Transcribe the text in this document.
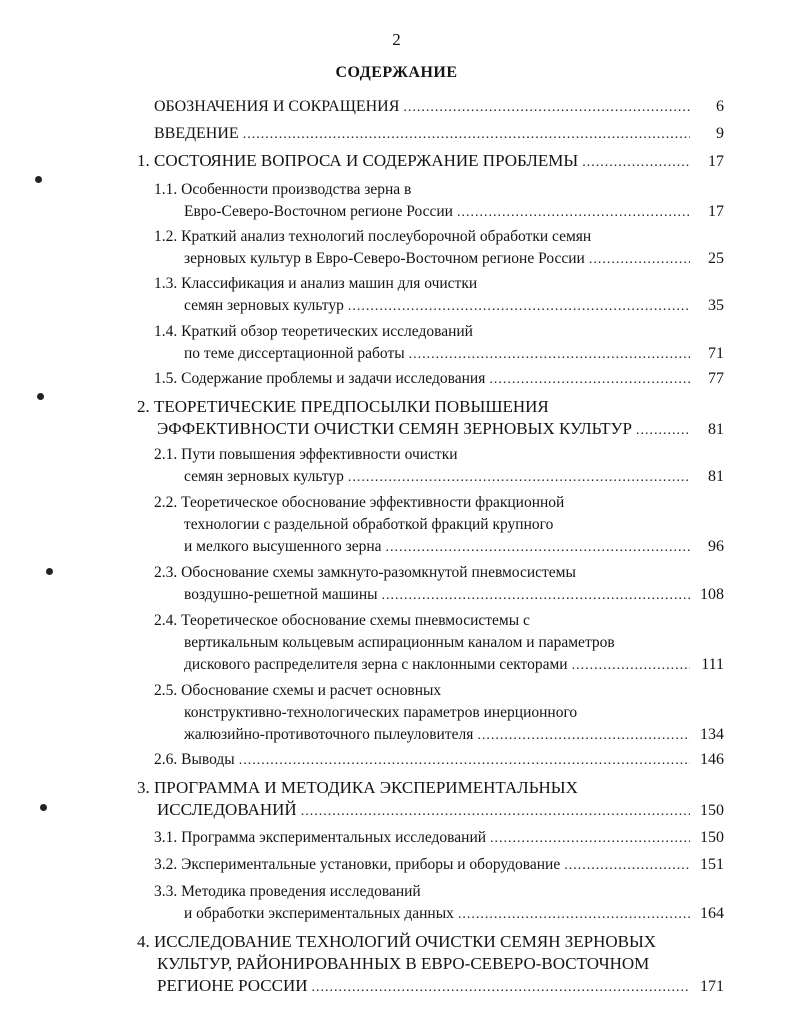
2
СОДЕРЖАНИЕ
ОБОЗНАЧЕНИЯ И СОКРАЩЕНИЯ .....	6
ВВЕДЕНИЕ .....	9
1. СОСТОЯНИЕ ВОПРОСА И СОДЕРЖАНИЕ ПРОБЛЕМЫ .....	17
1.1. Особенности производства зерна в
Евро-Северо-Восточном регионе России .....	17
1.2. Краткий анализ технологий послеуборочной обработки семян
зерновых культур в Евро-Северо-Восточном регионе России .....	25
1.3. Классификация и анализ машин для очистки
семян зерновых культур .....	35
1.4. Краткий обзор теоретических исследований
по теме диссертационной работы .....	71
1.5. Содержание проблемы и задачи исследования .....	77
2. ТЕОРЕТИЧЕСКИЕ ПРЕДПОСЫЛКИ ПОВЫШЕНИЯ
ЭФФЕКТИВНОСТИ ОЧИСТКИ СЕМЯН ЗЕРНОВЫХ КУЛЬТУР .....	81
2.1. Пути повышения эффективности очистки
семян зерновых культур .....	81
2.2. Теоретическое обоснование эффективности фракционной
технологии с раздельной обработкой фракций крупного
и мелкого высушенного зерна .....	96
2.3. Обоснование схемы замкнуто-разомкнутой пневмосистемы
воздушно-решетной машины .....	108
2.4. Теоретическое обоснование схемы пневмосистемы с
вертикальным кольцевым аспирационным каналом и параметров
дискового распределителя зерна с наклонными секторами .....	111
2.5. Обоснование схемы и расчет основных
конструктивно-технологических параметров инерционного
жалюзийно-противоточного пылеуловителя .....	134
2.6. Выводы .....	146
3. ПРОГРАММА И МЕТОДИКА ЭКСПЕРИМЕНТАЛЬНЫХ
ИССЛЕДОВАНИЙ .....	150
3.1. Программа экспериментальных исследований .....	150
3.2. Экспериментальные установки, приборы и оборудование .....	151
3.3. Методика проведения исследований
и обработки экспериментальных данных .....	164
4. ИССЛЕДОВАНИЕ ТЕХНОЛОГИЙ ОЧИСТКИ СЕМЯН ЗЕРНОВЫХ
КУЛЬТУР, РАЙОНИРОВАННЫХ В ЕВРО-СЕВЕРО-ВОСТОЧНОМ
РЕГИОНЕ РОССИИ .....	171
